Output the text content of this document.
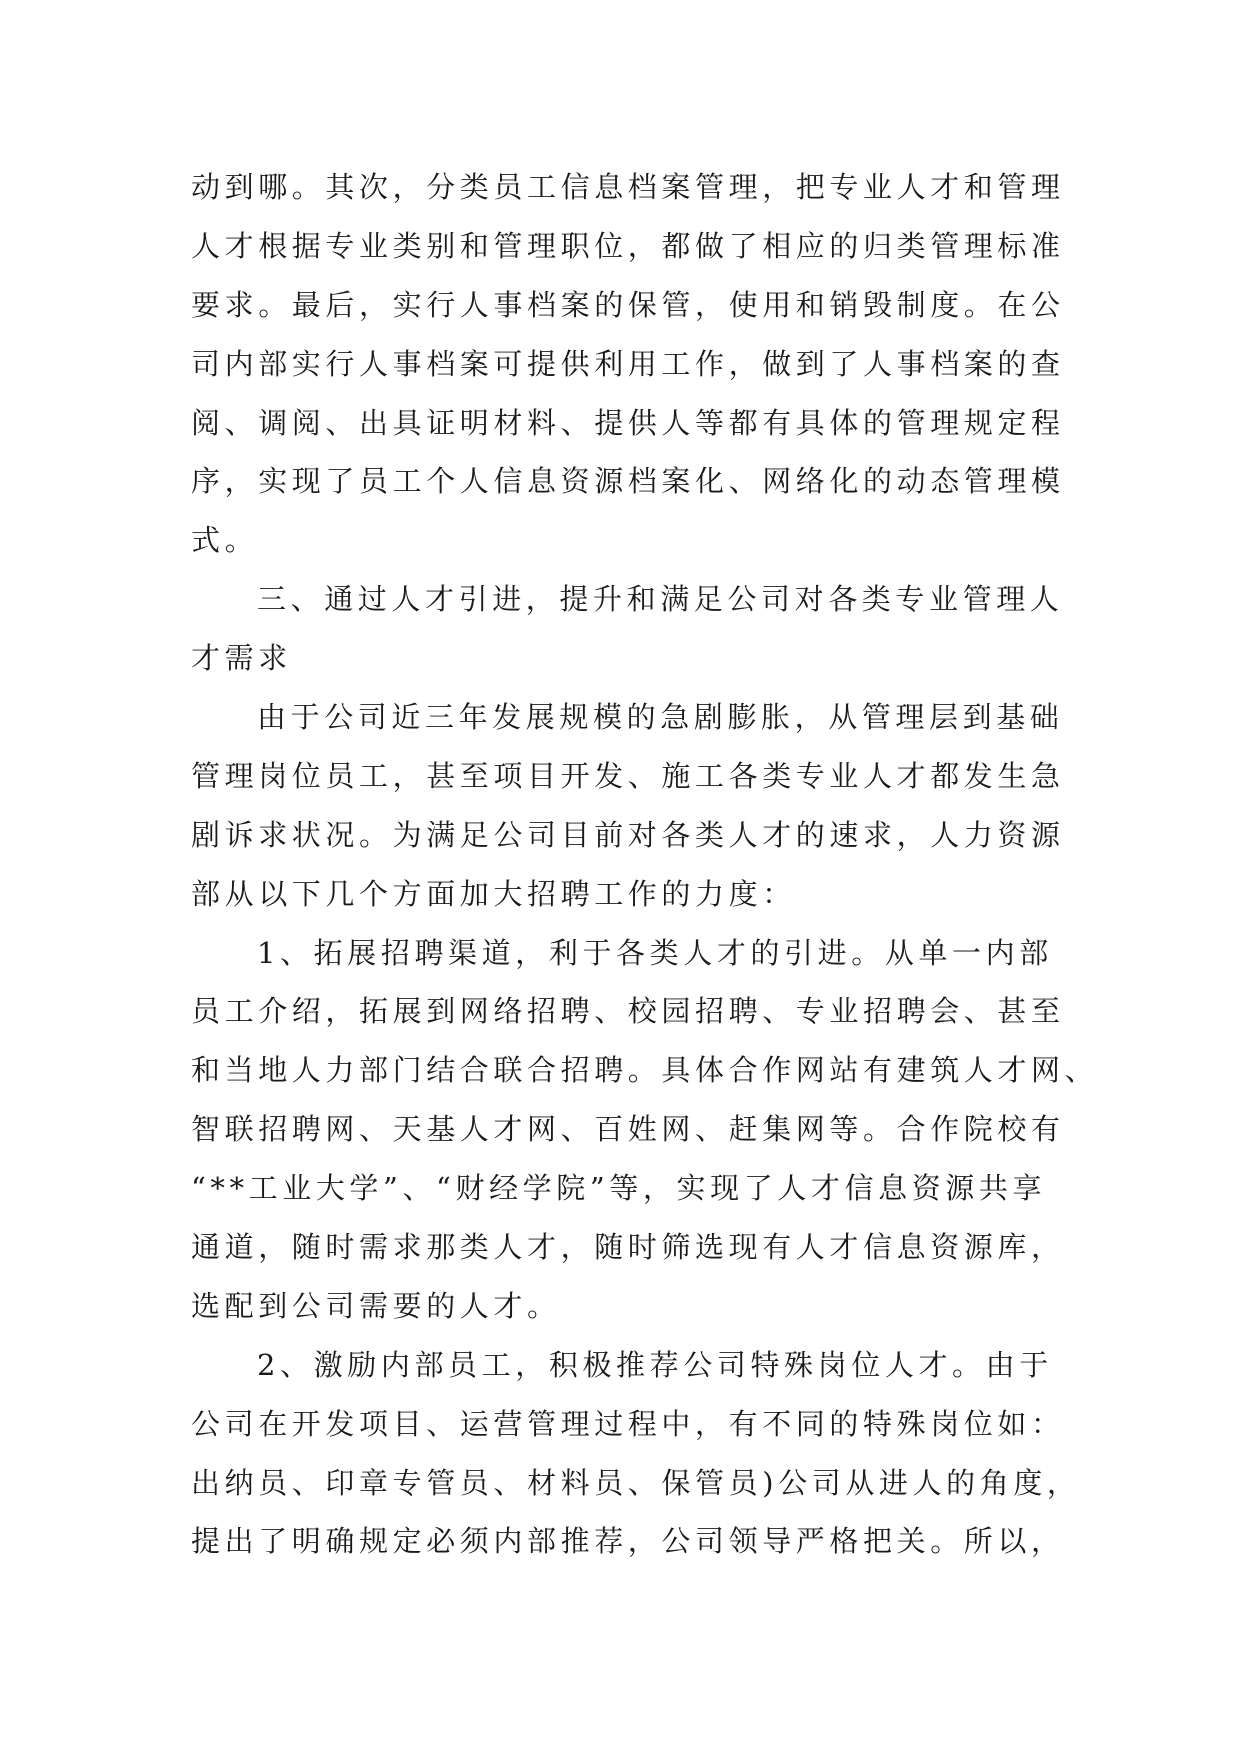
动到哪。其次，分类员工信息档案管理，把专业人才和管理
人才根据专业类别和管理职位，都做了相应的归类管理标准
要求。最后，实行人事档案的保管，使用和销毁制度。在公
司内部实行人事档案可提供利用工作，做到了人事档案的查
阅、调阅、出具证明材料、提供人等都有具体的管理规定程
序，实现了员工个人信息资源档案化、网络化的动态管理模
式。
三、通过人才引进，提升和满足公司对各类专业管理人
才需求
由于公司近三年发展规模的急剧膨胀，从管理层到基础
管理岗位员工，甚至项目开发、施工各类专业人才都发生急
剧诉求状况。为满足公司目前对各类人才的速求，人力资源
部从以下几个方面加大招聘工作的力度：
1、拓展招聘渠道，利于各类人才的引进。从单一内部
员工介绍，拓展到网络招聘、校园招聘、专业招聘会、甚至
和当地人力部门结合联合招聘。具体合作网站有建筑人才网、
智联招聘网、天基人才网、百姓网、赶集网等。合作院校有
“**工业大学”、“财经学院”等，实现了人才信息资源共享
通道，随时需求那类人才，随时筛选现有人才信息资源库，
选配到公司需要的人才。
2、激励内部员工，积极推荐公司特殊岗位人才。由于
公司在开发项目、运营管理过程中，有不同的特殊岗位如：
出纳员、印章专管员、材料员、保管员)公司从进人的角度，
提出了明确规定必须内部推荐，公司领导严格把关。所以，
